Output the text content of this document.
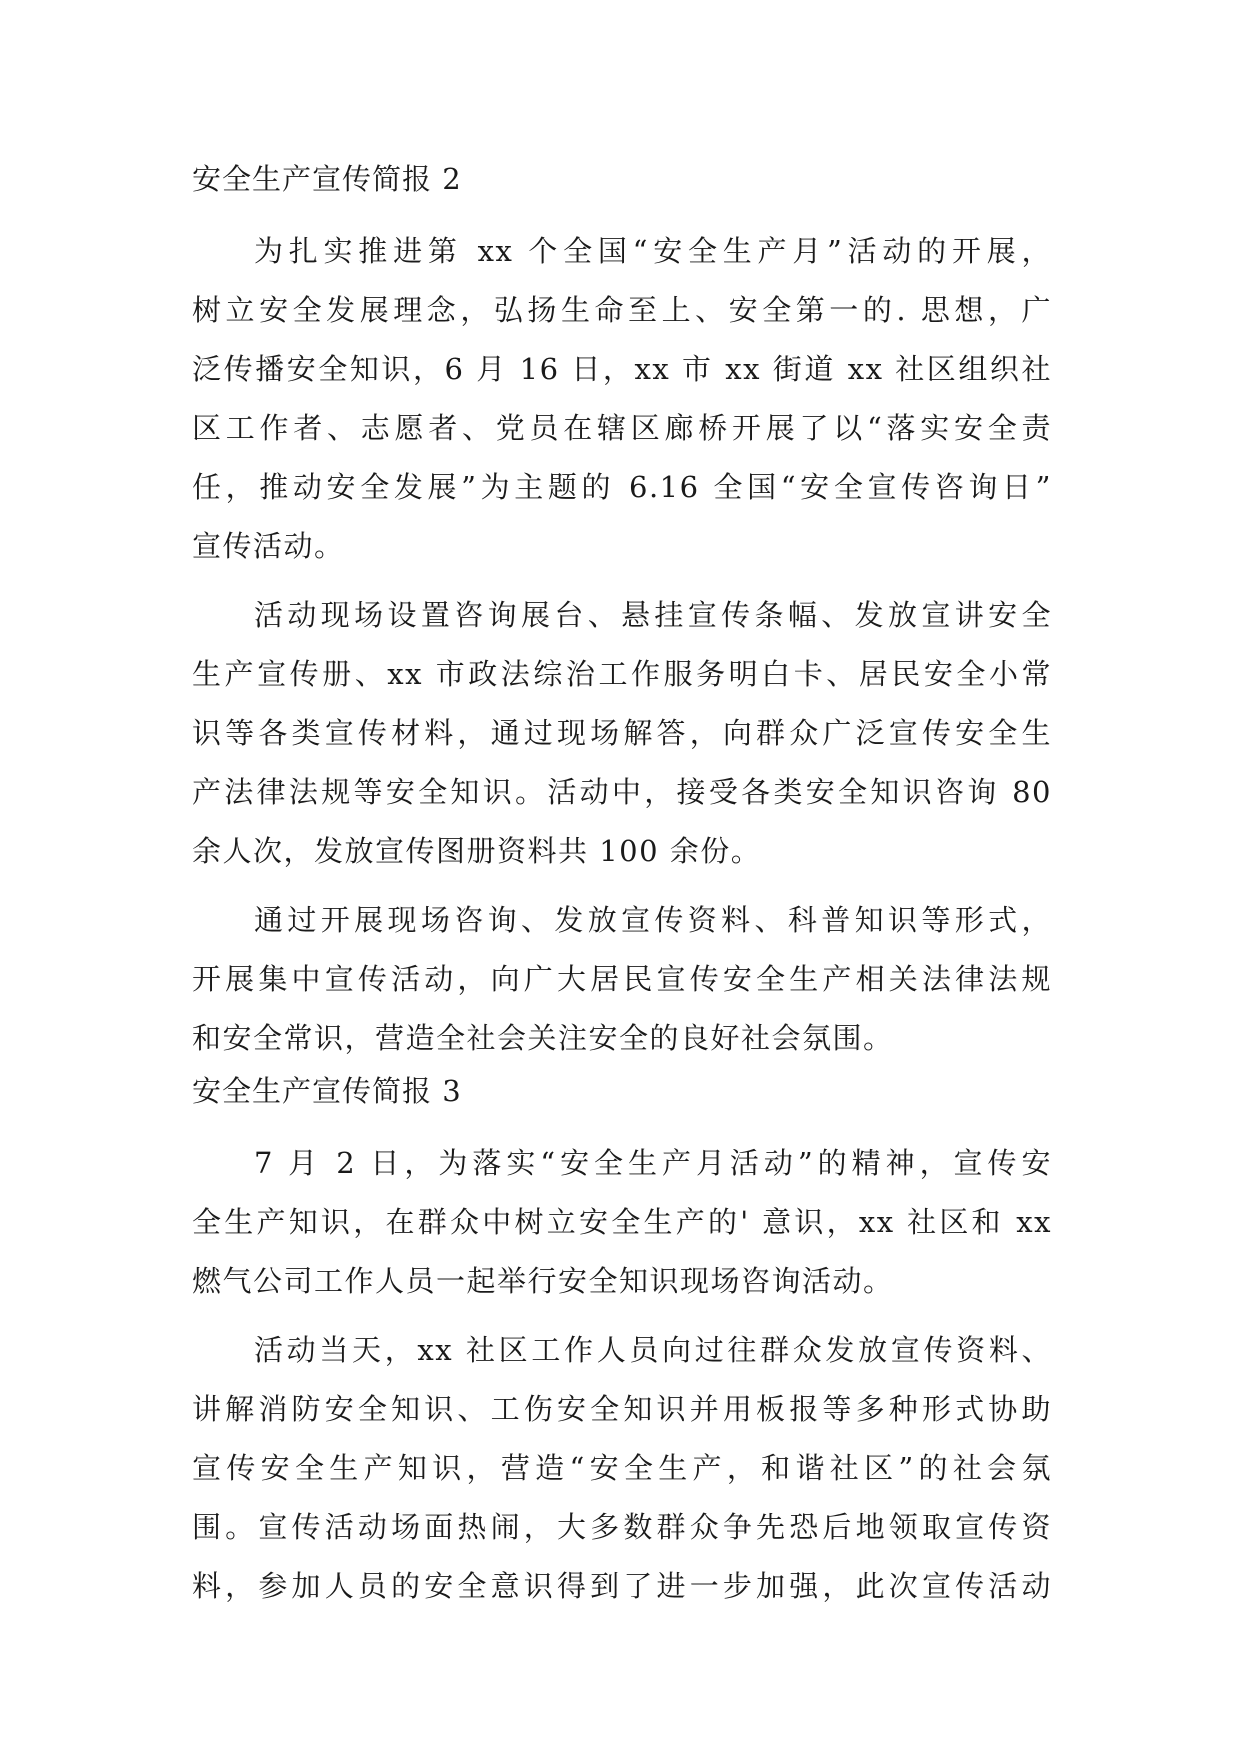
安全生产宣传简报 2
为扎实推进第 xx 个全国“安全生产月”活动的开展，
树立安全发展理念，弘扬生命至上、安全第一的. 思想，广
泛传播安全知识，6 月 16 日，xx 市 xx 街道 xx 社区组织社
区工作者、志愿者、党员在辖区廊桥开展了以“落实安全责
任，推动安全发展”为主题的 6.16 全国“安全宣传咨询日”
宣传活动。
活动现场设置咨询展台、悬挂宣传条幅、发放宣讲安全
生产宣传册、xx 市政法综治工作服务明白卡、居民安全小常
识等各类宣传材料，通过现场解答，向群众广泛宣传安全生
产法律法规等安全知识。活动中，接受各类安全知识咨询 80
余人次，发放宣传图册资料共 100 余份。
通过开展现场咨询、发放宣传资料、科普知识等形式，
开展集中宣传活动，向广大居民宣传安全生产相关法律法规
和安全常识，营造全社会关注安全的良好社会氛围。
安全生产宣传简报 3
7 月 2 日，为落实“安全生产月活动”的精神，宣传安
全生产知识，在群众中树立安全生产的' 意识，xx 社区和 xx
燃气公司工作人员一起举行安全知识现场咨询活动。
活动当天，xx 社区工作人员向过往群众发放宣传资料、
讲解消防安全知识、工伤安全知识并用板报等多种形式协助
宣传安全生产知识，营造“安全生产，和谐社区”的社会氛
围。宣传活动场面热闹，大多数群众争先恐后地领取宣传资
料，参加人员的安全意识得到了进一步加强，此次宣传活动
